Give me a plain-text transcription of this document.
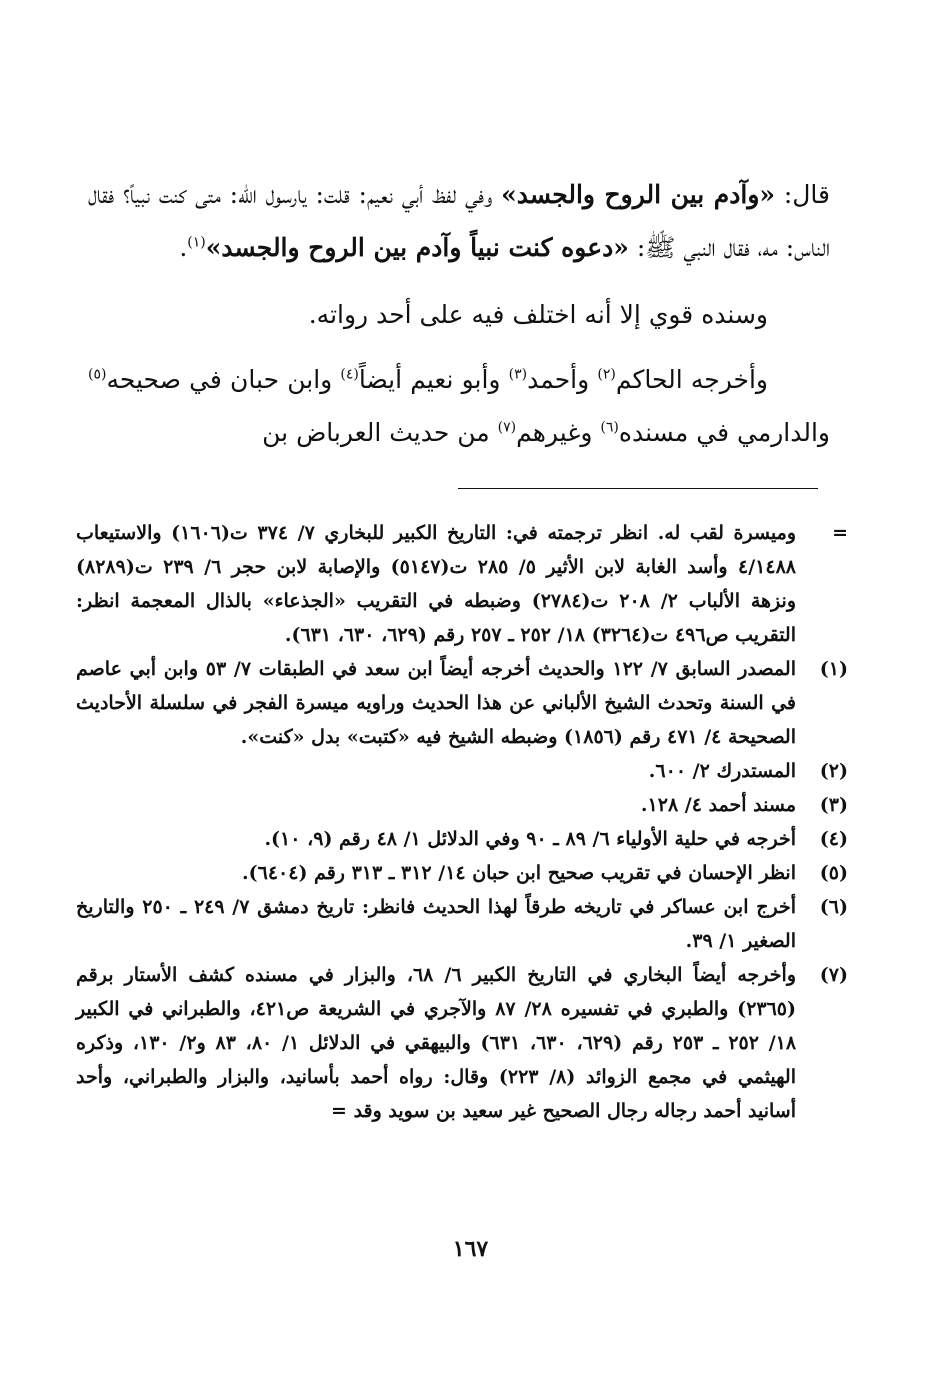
قال: «وآدم بين الروح والجسد» وفي لفظ أبي نعيم: قلت: يارسول الله: متى كنت نبياً؟ فقال الناس: مه، فقال النبي ﷺ: «دعوه كنت نبياً وآدم بين الروح والجسد»$^{(١)}$.

وسنده قوي إلا أنه اختلف فيه على أحد رواته.

وأخرجه الحاكم$^{(٢)}$ وأحمد$^{(٣)}$ وأبو نعيم أيضاً$^{(٤)}$ وابن حبان في صحيحه$^{(٥)}$ والدارمي في مسنده$^{(٦)}$ وغيرهم$^{(٧)}$ من حديث العرباض بن

=
وميسرة لقب له. انظر ترجمته في: التاريخ الكبير للبخاري ٧/ ٣٧٤ ت(١٦٠٦) والاستيعاب ٤/١٤٨٨ وأسد الغابة لابن الأثير ٥/ ٢٨٥ ت(٥١٤٧) والإصابة لابن حجر ٦/ ٢٣٩ ت(٨٢٨٩) ونزهة الألباب ٢/ ٢٠٨ ت(٢٧٨٤) وضبطه في التقريب «الجذعاء» بالذال المعجمة انظر: التقريب ص٤٩٦ ت(٣٢٦٤) ١٨/ ٢٥٢ ـ ٢٥٧ رقم (٦٢٩، ٦٣٠، ٦٣١).
(١)
المصدر السابق ٧/ ١٢٢ والحديث أخرجه أيضاً ابن سعد في الطبقات ٧/ ٥٣ وابن أبي عاصم في السنة وتحدث الشيخ الألباني عن هذا الحديث وراويه ميسرة الفجر في سلسلة الأحاديث الصحيحة ٤/ ٤٧١ رقم (١٨٥٦) وضبطه الشيخ فيه «كتبت» بدل «كنت».
(٢)
المستدرك ٢/ ٦٠٠.
(٣)
مسند أحمد ٤/ ١٢٨.
(٤)
أخرجه في حلية الأولياء ٦/ ٨٩ ـ ٩٠ وفي الدلائل ١/ ٤٨ رقم (٩، ١٠).
(٥)
انظر الإحسان في تقريب صحيح ابن حبان ١٤/ ٣١٢ ـ ٣١٣ رقم (٦٤٠٤).
(٦)
أخرج ابن عساكر في تاريخه طرقاً لهذا الحديث فانظر: تاريخ دمشق ٧/ ٢٤٩ ـ ٢٥٠ والتاريخ الصغير ١/ ٣٩.
(٧)
وأخرجه أيضاً البخاري في التاريخ الكبير ٦/ ٦٨، والبزار في مسنده كشف الأستار برقم (٢٣٦٥) والطبري في تفسيره ٢٨/ ٨٧ والآجري في الشريعة ص٤٢١، والطبراني في الكبير ١٨/ ٢٥٢ ـ ٢٥٣ رقم (٦٢٩، ٦٣٠، ٦٣١) والبيهقي في الدلائل ١/ ٨٠، ٨٣ و٢/ ١٣٠، وذكره الهيثمي في مجمع الزوائد (٨/ ٢٢٣) وقال: رواه أحمد بأسانيد، والبزار والطبراني، وأحد أسانيد أحمد رجاله رجال الصحيح غير سعيد بن سويد وقد =
١٦٧
